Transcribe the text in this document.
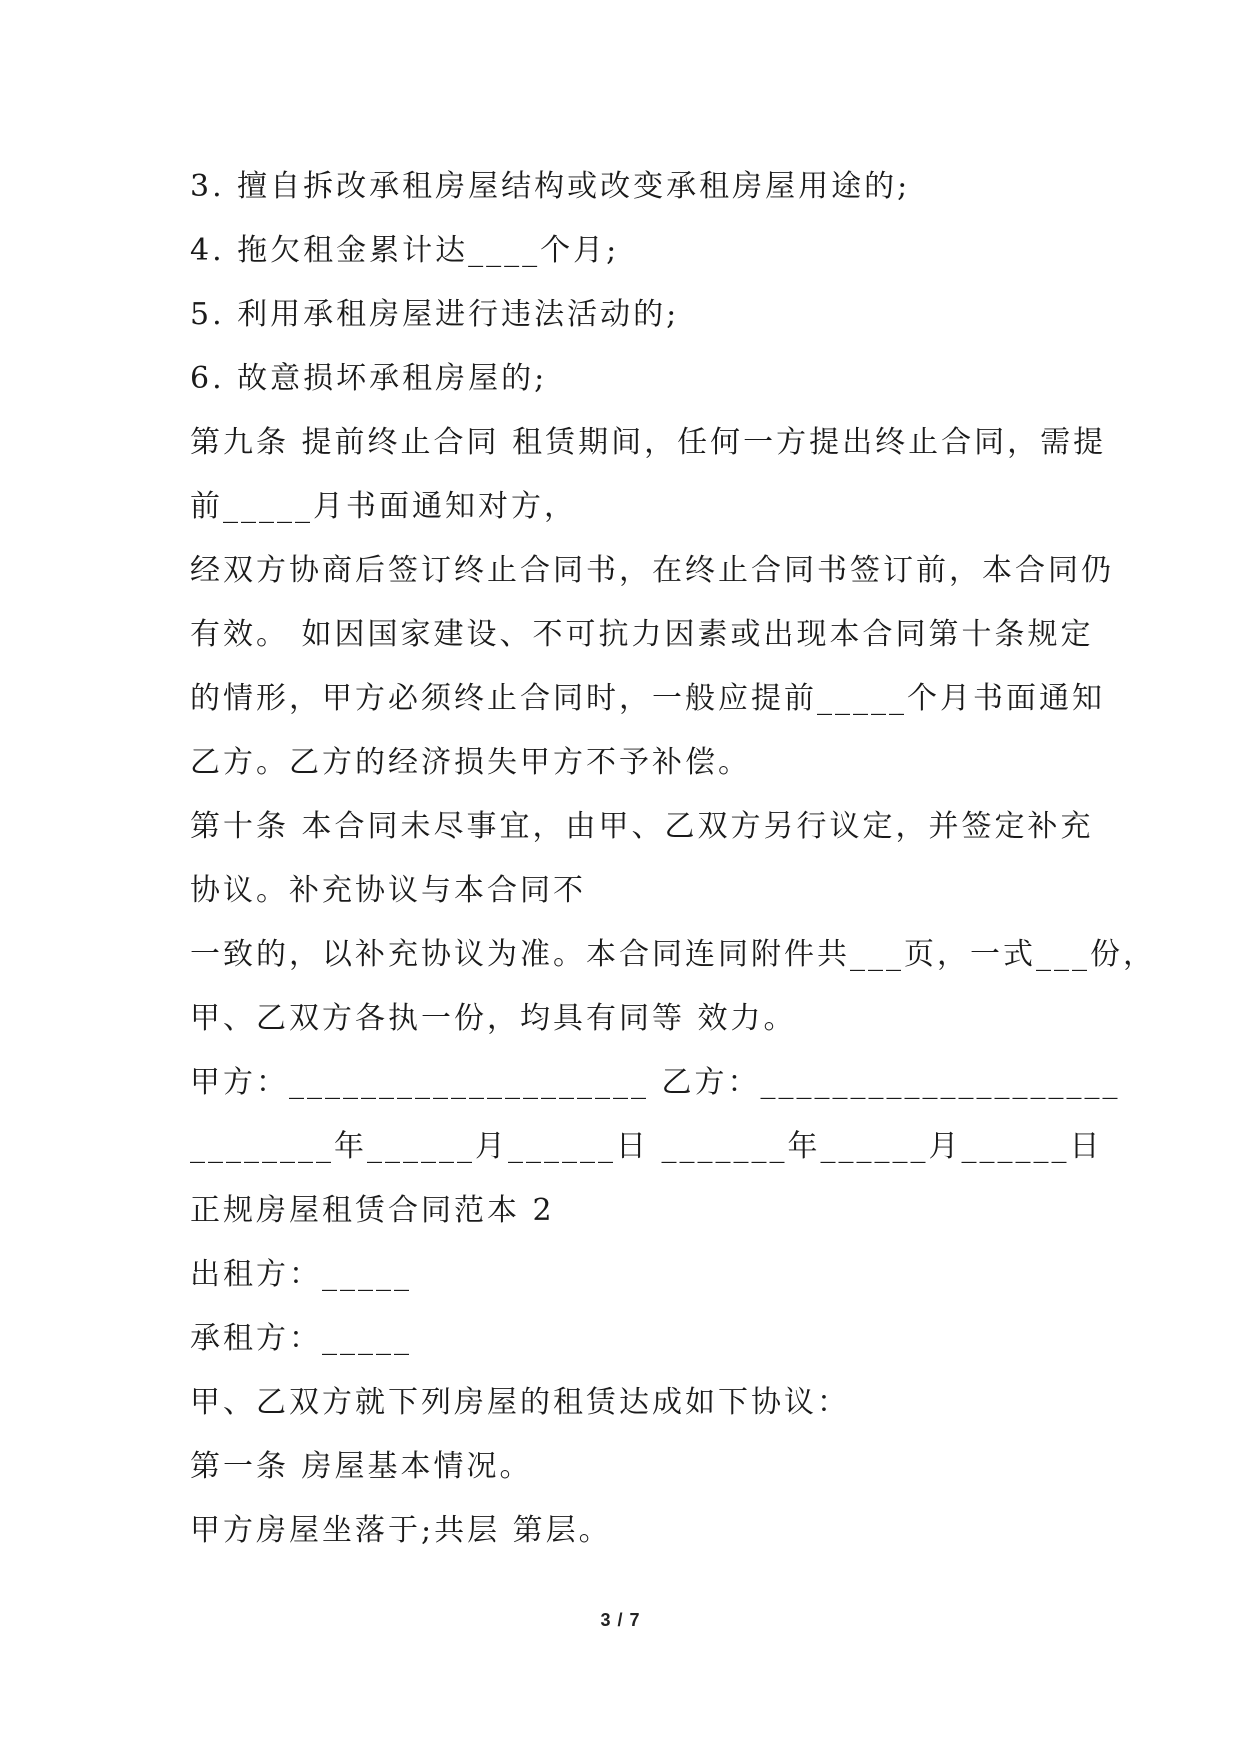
3. 擅自拆改承租房屋结构或改变承租房屋用途的;
4. 拖欠租金累计达____个月;
5. 利用承租房屋进行违法活动的;
6. 故意损坏承租房屋的;
第九条 提前终止合同 租赁期间，任何一方提出终止合同，需提
前_____月书面通知对方，
经双方协商后签订终止合同书，在终止合同书签订前，本合同仍
有效。 如因国家建设、不可抗力因素或出现本合同第十条规定
的情形，甲方必须终止合同时，一般应提前_____个月书面通知
乙方。乙方的经济损失甲方不予补偿。
第十条 本合同未尽事宜，由甲、乙双方另行议定，并签定补充
协议。补充协议与本合同不
一致的，以补充协议为准。本合同连同附件共___页，一式___份，
甲、乙双方各执一份，均具有同等 效力。
甲方：____________________ 乙方：____________________
________年______月______日 _______年______月______日
正规房屋租赁合同范本 2
出租方：_____
承租方：_____
甲、乙双方就下列房屋的租赁达成如下协议：
第一条 房屋基本情况。
甲方房屋坐落于;共层 第层。
3 / 7
